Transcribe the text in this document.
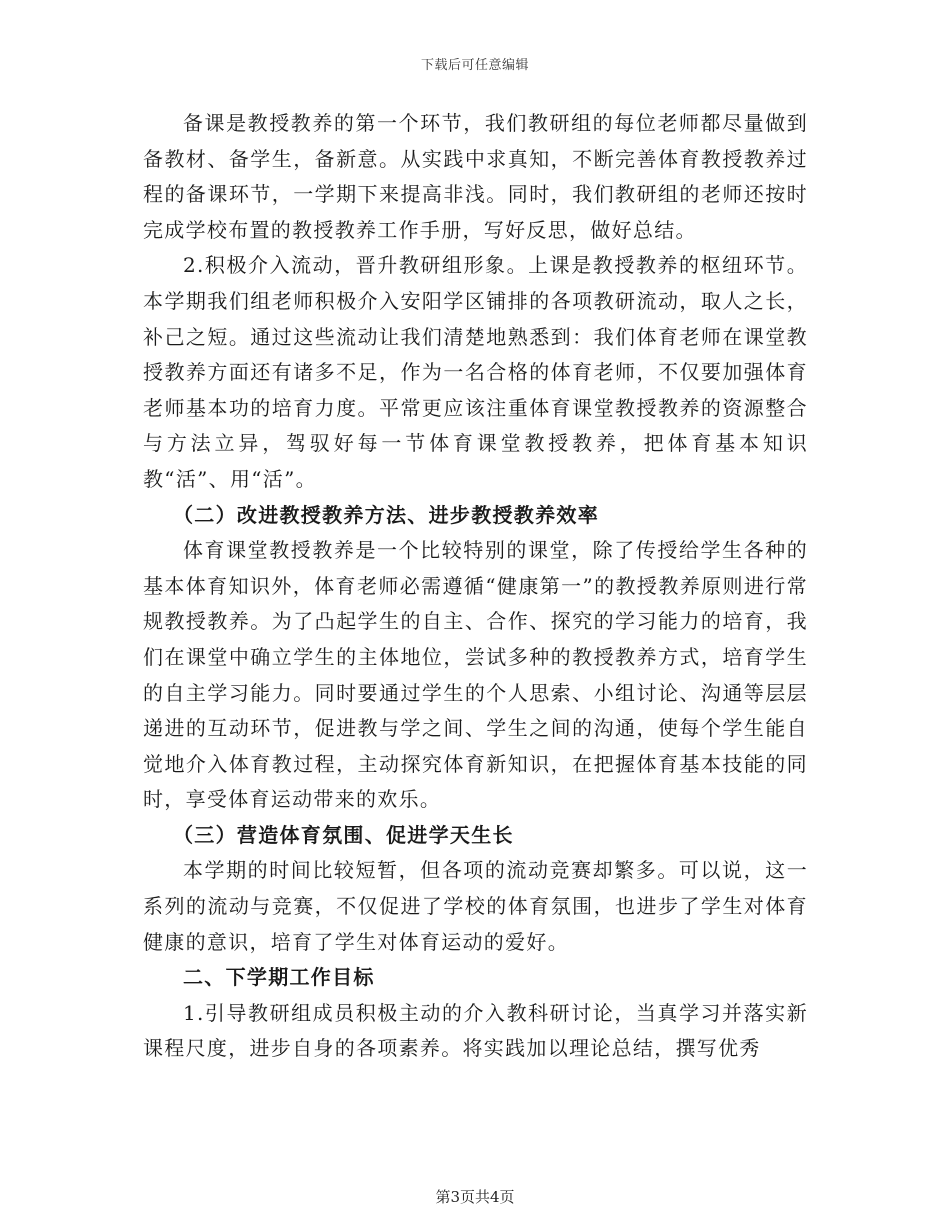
下载后可任意编辑

备课是教授教养的第一个环节，我们教研组的每位老师都尽量做到备教材、备学生，备新意。从实践中求真知，不断完善体育教授教养过程的备课环节，一学期下来提高非浅。同时，我们教研组的老师还按时完成学校布置的教授教养工作手册，写好反思，做好总结。

2.积极介入流动，晋升教研组形象。上课是教授教养的枢纽环节。本学期我们组老师积极介入安阳学区铺排的各项教研流动，取人之长，补己之短。通过这些流动让我们清楚地熟悉到：我们体育老师在课堂教授教养方面还有诸多不足，作为一名合格的体育老师，不仅要加强体育老师基本功的培育力度。平常更应该注重体育课堂教授教养的资源整合与方法立异，驾驭好每一节体育课堂教授教养，把体育基本知识教“活”、用“活”。

（二）改进教授教养方法、进步教授教养效率

体育课堂教授教养是一个比较特别的课堂，除了传授给学生各种的基本体育知识外，体育老师必需遵循“健康第一”的教授教养原则进行常规教授教养。为了凸起学生的自主、合作、探究的学习能力的培育，我们在课堂中确立学生的主体地位，尝试多种的教授教养方式，培育学生的自主学习能力。同时要通过学生的个人思索、小组讨论、沟通等层层递进的互动环节，促进教与学之间、学生之间的沟通，使每个学生能自觉地介入体育教过程，主动探究体育新知识，在把握体育基本技能的同时，享受体育运动带来的欢乐。

（三）营造体育氛围、促进学天生长

本学期的时间比较短暂，但各项的流动竞赛却繁多。可以说，这一系列的流动与竞赛，不仅促进了学校的体育氛围，也进步了学生对体育健康的意识，培育了学生对体育运动的爱好。

二、下学期工作目标

1.引导教研组成员积极主动的介入教科研讨论，当真学习并落实新课程尺度，进步自身的各项素养。将实践加以理论总结，撰写优秀

第3页共4页
